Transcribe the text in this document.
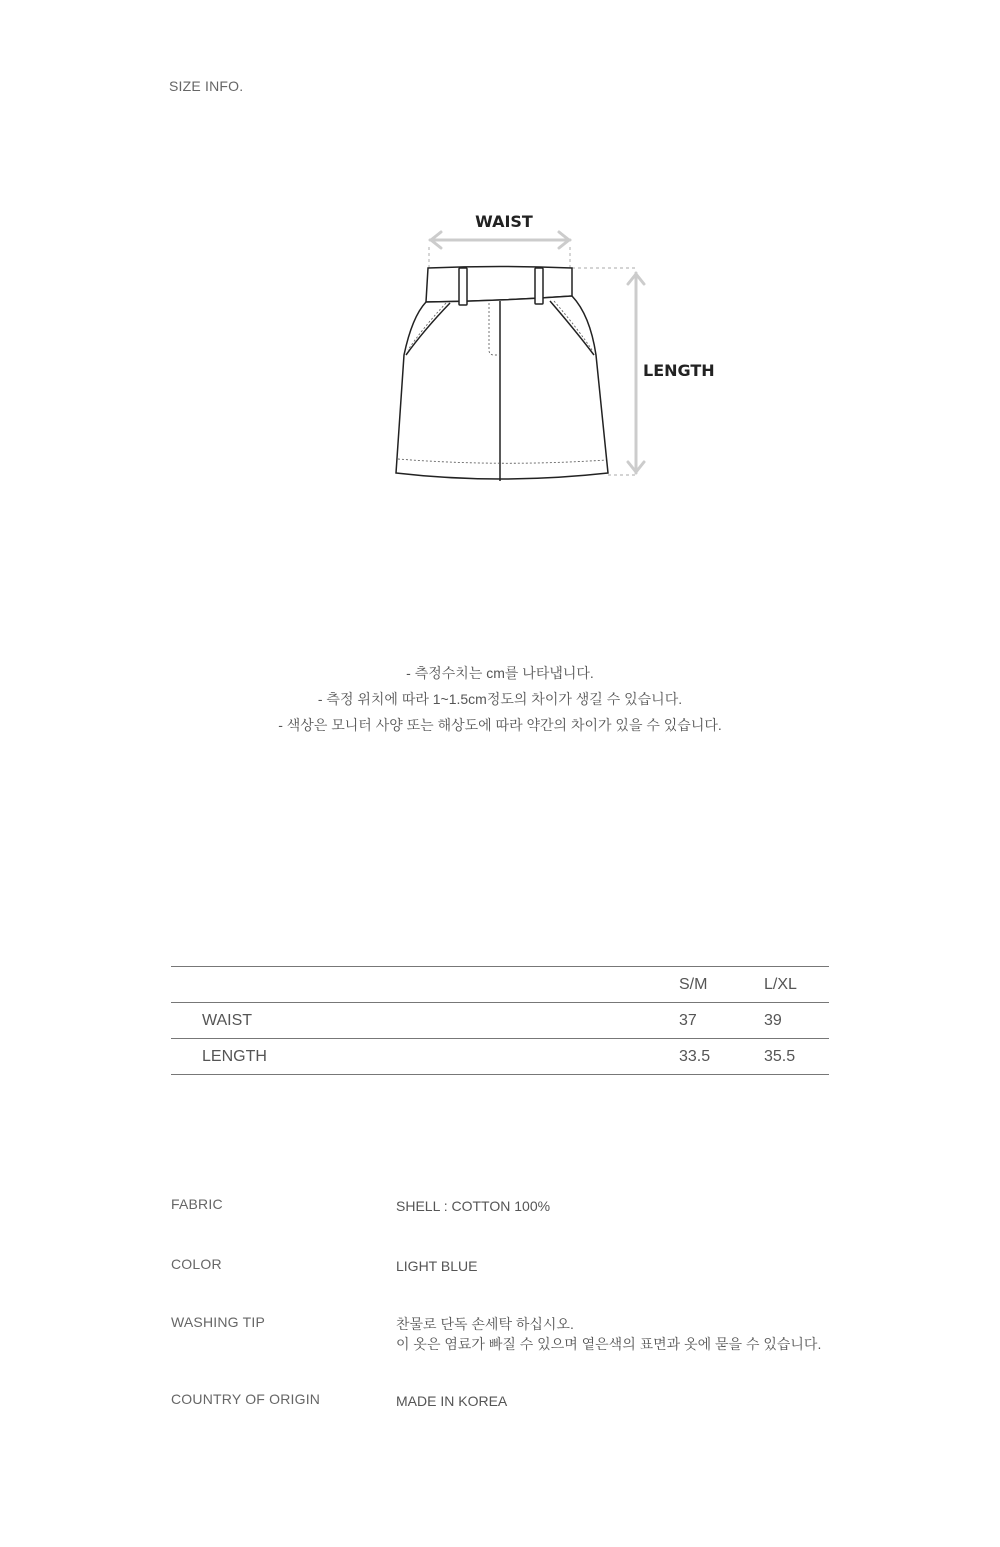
SIZE INFO.
WAIST
LENGTH
- 측정수치는 cm를 나타냅니다.
- 측정 위치에 따라 1~1.5cm정도의 차이가 생길 수 있습니다.
- 색상은 모니터 사양 또는 해상도에 따라 약간의 차이가 있을 수 있습니다.
	S/M	L/XL
WAIST	37	39
LENGTH	33.5	35.5
FABRIC	SHELL : COTTON 100%
COLOR	LIGHT BLUE
WASHING TIP	찬물로 단독 손세탁 하십시오.
이 옷은 염료가 빠질 수 있으며 옅은색의 표면과 옷에 묻을 수 있습니다.
COUNTRY OF ORIGIN	MADE IN KOREA
